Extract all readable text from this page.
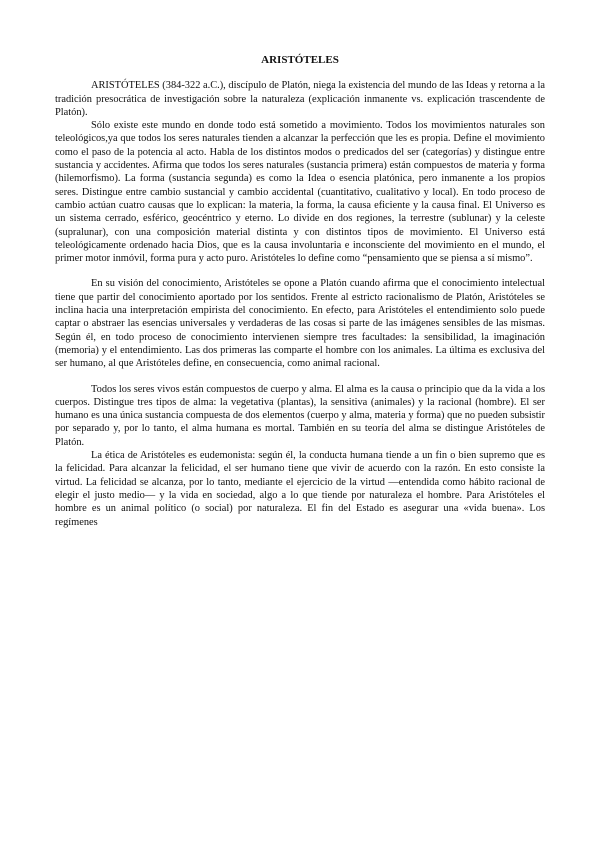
ARISTÓTELES

ARISTÓTELES (384-322 a.C.), discípulo de Platón, niega la existencia del mundo de las Ideas y retorna a la tradición presocrática de investigación sobre la naturaleza (explicación inmanente vs. explicación trascendente de Platón).

Sólo existe este mundo en donde todo está sometido a movimiento. Todos los movimientos naturales son teleológicos,ya que todos los seres naturales tienden a alcanzar la perfección que les es propia. Define el movimiento como el paso de la potencia al acto. Habla de los distintos modos o predicados del ser (categorías) y distingue entre sustancia y accidentes. Afirma que todos los seres naturales (sustancia primera) están compuestos de materia y forma (hilemorfismo). La forma (sustancia segunda) es como la Idea o esencia platónica, pero inmanente a los propios seres. Distingue entre cambio sustancial y cambio accidental (cuantitativo, cualitativo y local). En todo proceso de cambio actúan cuatro causas que lo explican: la materia, la forma, la causa eficiente y la causa final. El Universo es un sistema cerrado, esférico, geocéntrico y eterno. Lo divide en dos regiones, la terrestre (sublunar) y la celeste (supralunar), con una composición material distinta y con distintos tipos de movimiento. El Universo está teleológicamente ordenado hacia Dios, que es la causa involuntaria e inconsciente del movimiento en el mundo, el primer motor inmóvil, forma pura y acto puro. Aristóteles lo define como “pensamiento que se piensa a sí mismo”.

En su visión del conocimiento, Aristóteles se opone a Platón cuando afirma que el conocimiento intelectual tiene que partir del conocimiento aportado por los sentidos. Frente al estricto racionalismo de Platón, Aristóteles se inclina hacia una interpretación empirista del conocimiento. En efecto, para Aristóteles el entendimiento solo puede captar o abstraer las esencias universales y verdaderas de las cosas si parte de las imágenes sensibles de las mismas. Según él, en todo proceso de conocimiento intervienen siempre tres facultades: la sensibilidad, la imaginación (memoria) y el entendimiento. Las dos primeras las comparte el hombre con los animales. La última es exclusiva del ser humano, al que Aristóteles define, en consecuencia, como animal racional.

Todos los seres vivos están compuestos de cuerpo y alma. El alma es la causa o principio que da la vida a los cuerpos. Distingue tres tipos de alma: la vegetativa (plantas), la sensitiva (animales) y la racional (hombre). El ser humano es una única sustancia compuesta de dos elementos (cuerpo y alma, materia y forma) que no pueden subsistir por separado y, por lo tanto, el alma humana es mortal. También en su teoría del alma se distingue Aristóteles de Platón.

La ética de Aristóteles es eudemonista: según él, la conducta humana tiende a un fin o bien supremo que es la felicidad. Para alcanzar la felicidad, el ser humano tiene que vivir de acuerdo con la razón. En esto consiste la virtud. La felicidad se alcanza, por lo tanto, mediante el ejercicio de la virtud —entendida como hábito racional de elegir el justo medio— y la vida en sociedad, algo a lo que tiende por naturaleza el hombre. Para Aristóteles el hombre es un animal político (o social) por naturaleza. El fin del Estado es asegurar una «vida buena». Los regímenes
